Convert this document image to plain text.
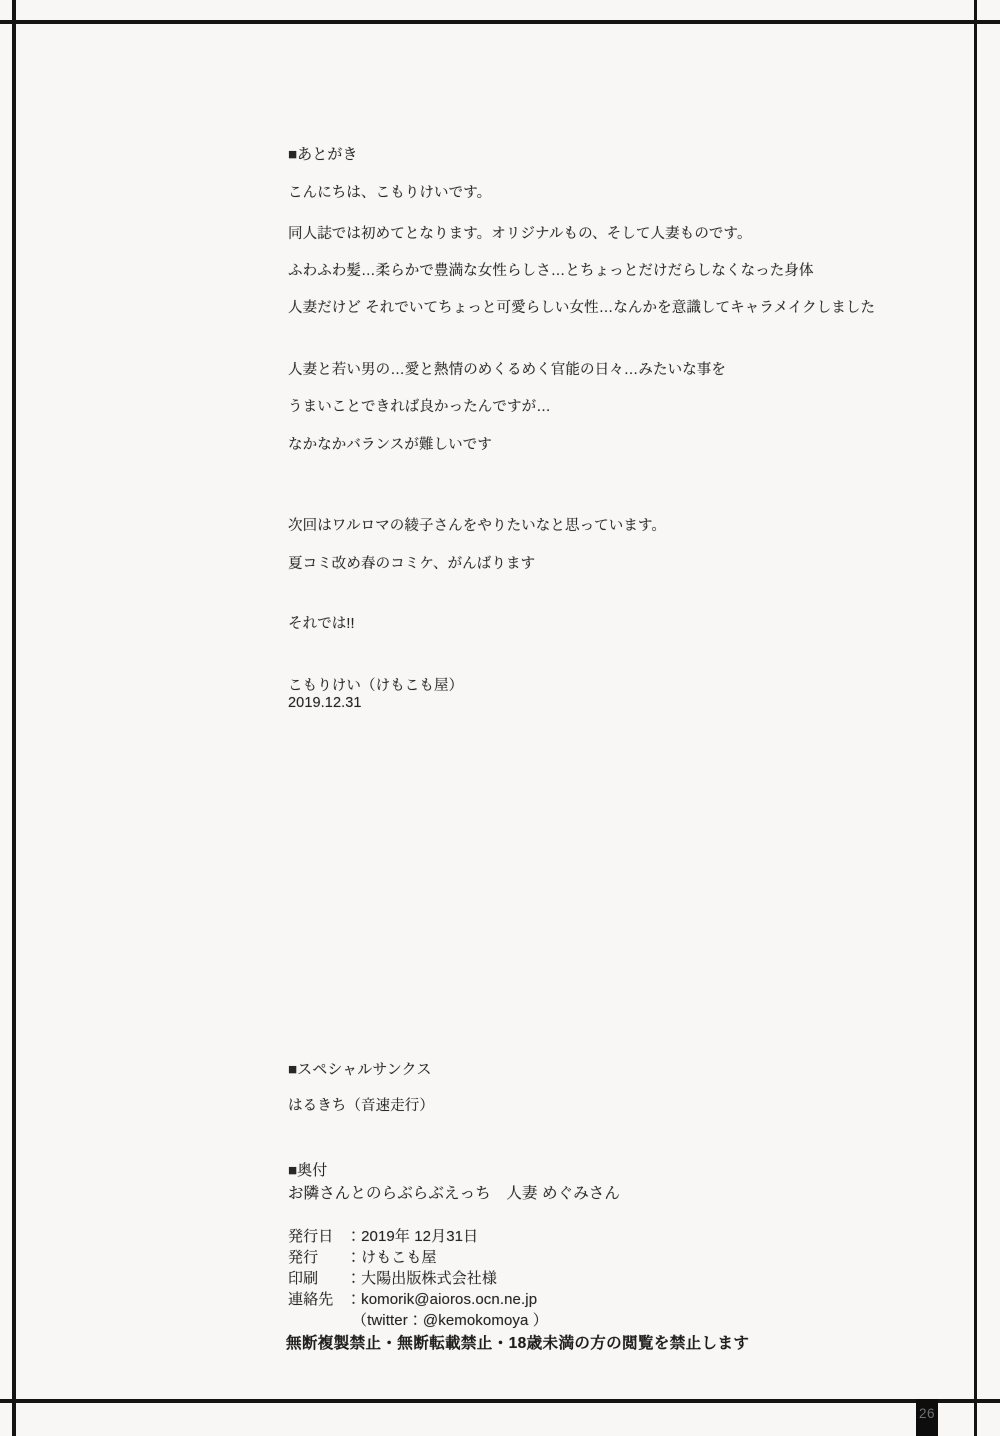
■あとがき
こんにちは、こもりけいです。
同人誌では初めてとなります。オリジナルもの、そして人妻ものです。
ふわふわ髪…柔らかで豊満な女性らしさ…とちょっとだけだらしなくなった身体
人妻だけど それでいてちょっと可愛らしい女性…なんかを意識してキャラメイクしました
人妻と若い男の…愛と熱情のめくるめく官能の日々…みたいな事を
うまいことできれば良かったんですが…
なかなかバランスが難しいです
次回はワルロマの綾子さんをやりたいなと思っています。
夏コミ改め春のコミケ、がんばります
それでは!!
こもりけい（けもこも屋）
2019.12.31
■スペシャルサンクス
はるきち（音速走行）
■奥付
お隣さんとのらぶらぶえっち　人妻 めぐみさん
発行日 ：2019年 12月31日
発行 ：けもこも屋
印刷 ：大陽出版株式会社様
連絡先 ：komorik@aioros.ocn.ne.jp
（twitter：@kemokomoya ）
無断複製禁止・無断転載禁止・18歳未満の方の閲覧を禁止します
26
